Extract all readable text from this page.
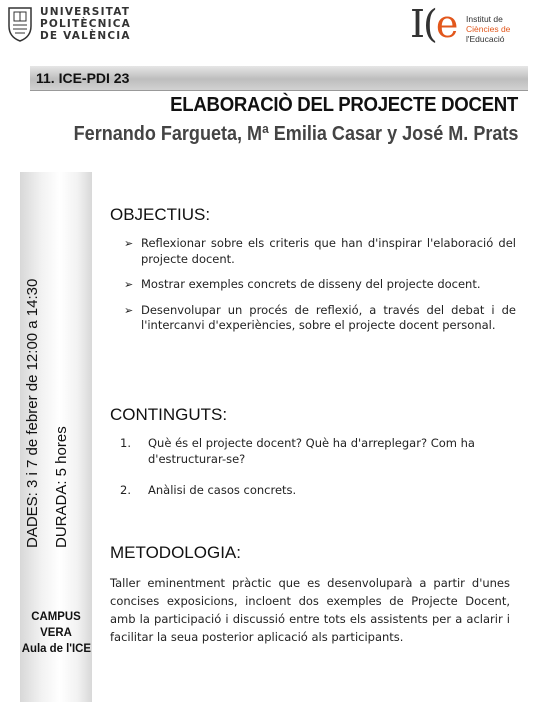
UNIVERSITAT
POLITÈCNICA
DE VALÈNCIA	I(e Institut de
Ciències de
l'Educació
11. ICE-PDI 23
ELABORACIÒ DEL PROJECTE DOCENT
Fernando Fargueta, Mª Emilia Casar y José M. Prats
DADES: 3 i 7 de febrer de 12:00 a 14:30 DURADA: 5 hores
CAMPUS
VERA
Aula de l'ICE
OBJECTIUS:
➢ Reflexionar sobre els criteris que han d'inspirar l'elaboració del projecte docent.
➢ Mostrar exemples concrets de disseny del projecte docent.
➢ Desenvolupar un procés de reflexió, a través del debat i de l'intercanvi d'experiències, sobre el projecte docent personal.
CONTINGUTS:
1.	Què és el projecte docent? Què ha d'arreplegar? Com ha d'estructurar-se?
2.	Anàlisi de casos concrets.
METODOLOGIA:
Taller eminentment pràctic que es desenvoluparà a partir d'unes concises exposicions, incloent dos exemples de Projecte Docent, amb la participació i discussió entre tots els assistents per a aclarir i facilitar la seua posterior aplicació als participants.
